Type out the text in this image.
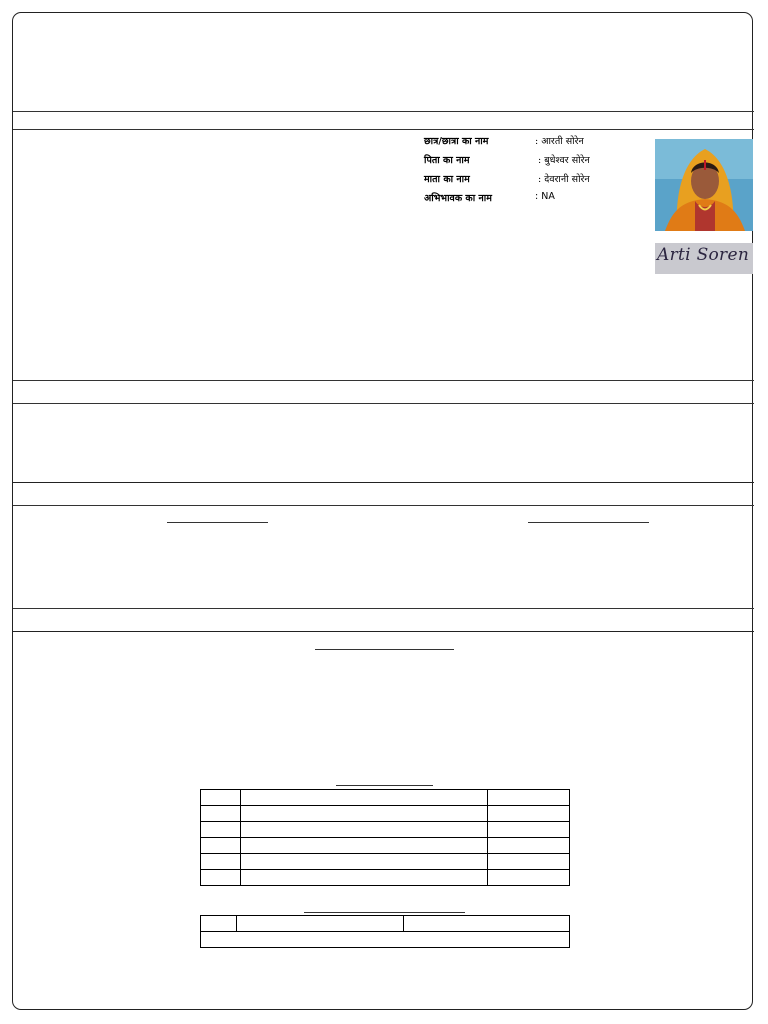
छात्र/छात्रा का नाम	: आरती सोरेन
पिता का नाम	: बुधेश्वर सोरेन
माता का नाम	: देवरानी सोरेन
अभिभावक का नाम	: NA
Arti Soren
